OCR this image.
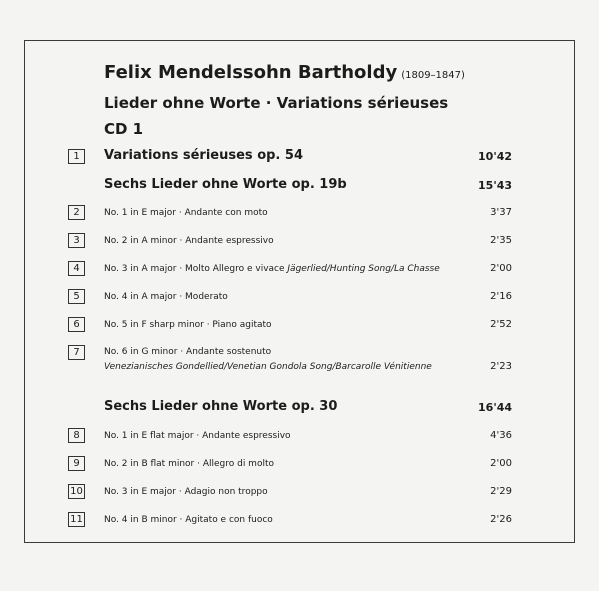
Felix Mendelssohn Bartholdy (1809–1847)
Lieder ohne Worte · Variations sérieuses
CD 1
1	Variations sérieuses op. 54	10'42
Sechs Lieder ohne Worte op. 19b	15'43
2	No. 1 in E major · Andante con moto	3'37
3	No. 2 in A minor · Andante espressivo	2'35
4	No. 3 in A major · Molto Allegro e vivace Jägerlied/Hunting Song/La Chasse	2'00
5	No. 4 in A major · Moderato	2'16
6	No. 5 in F sharp minor · Piano agitato	2'52
7	No. 6 in G minor · Andante sostenuto
Venezianisches Gondellied/Venetian Gondola Song/Barcarolle Vénitienne	2'23
Sechs Lieder ohne Worte op. 30	16'44
8	No. 1 in E flat major · Andante espressivo	4'36
9	No. 2 in B flat minor · Allegro di molto	2'00
10 No. 3 in E major · Adagio non troppo	2'29
11 No. 4 in B minor · Agitato e con fuoco	2'26
